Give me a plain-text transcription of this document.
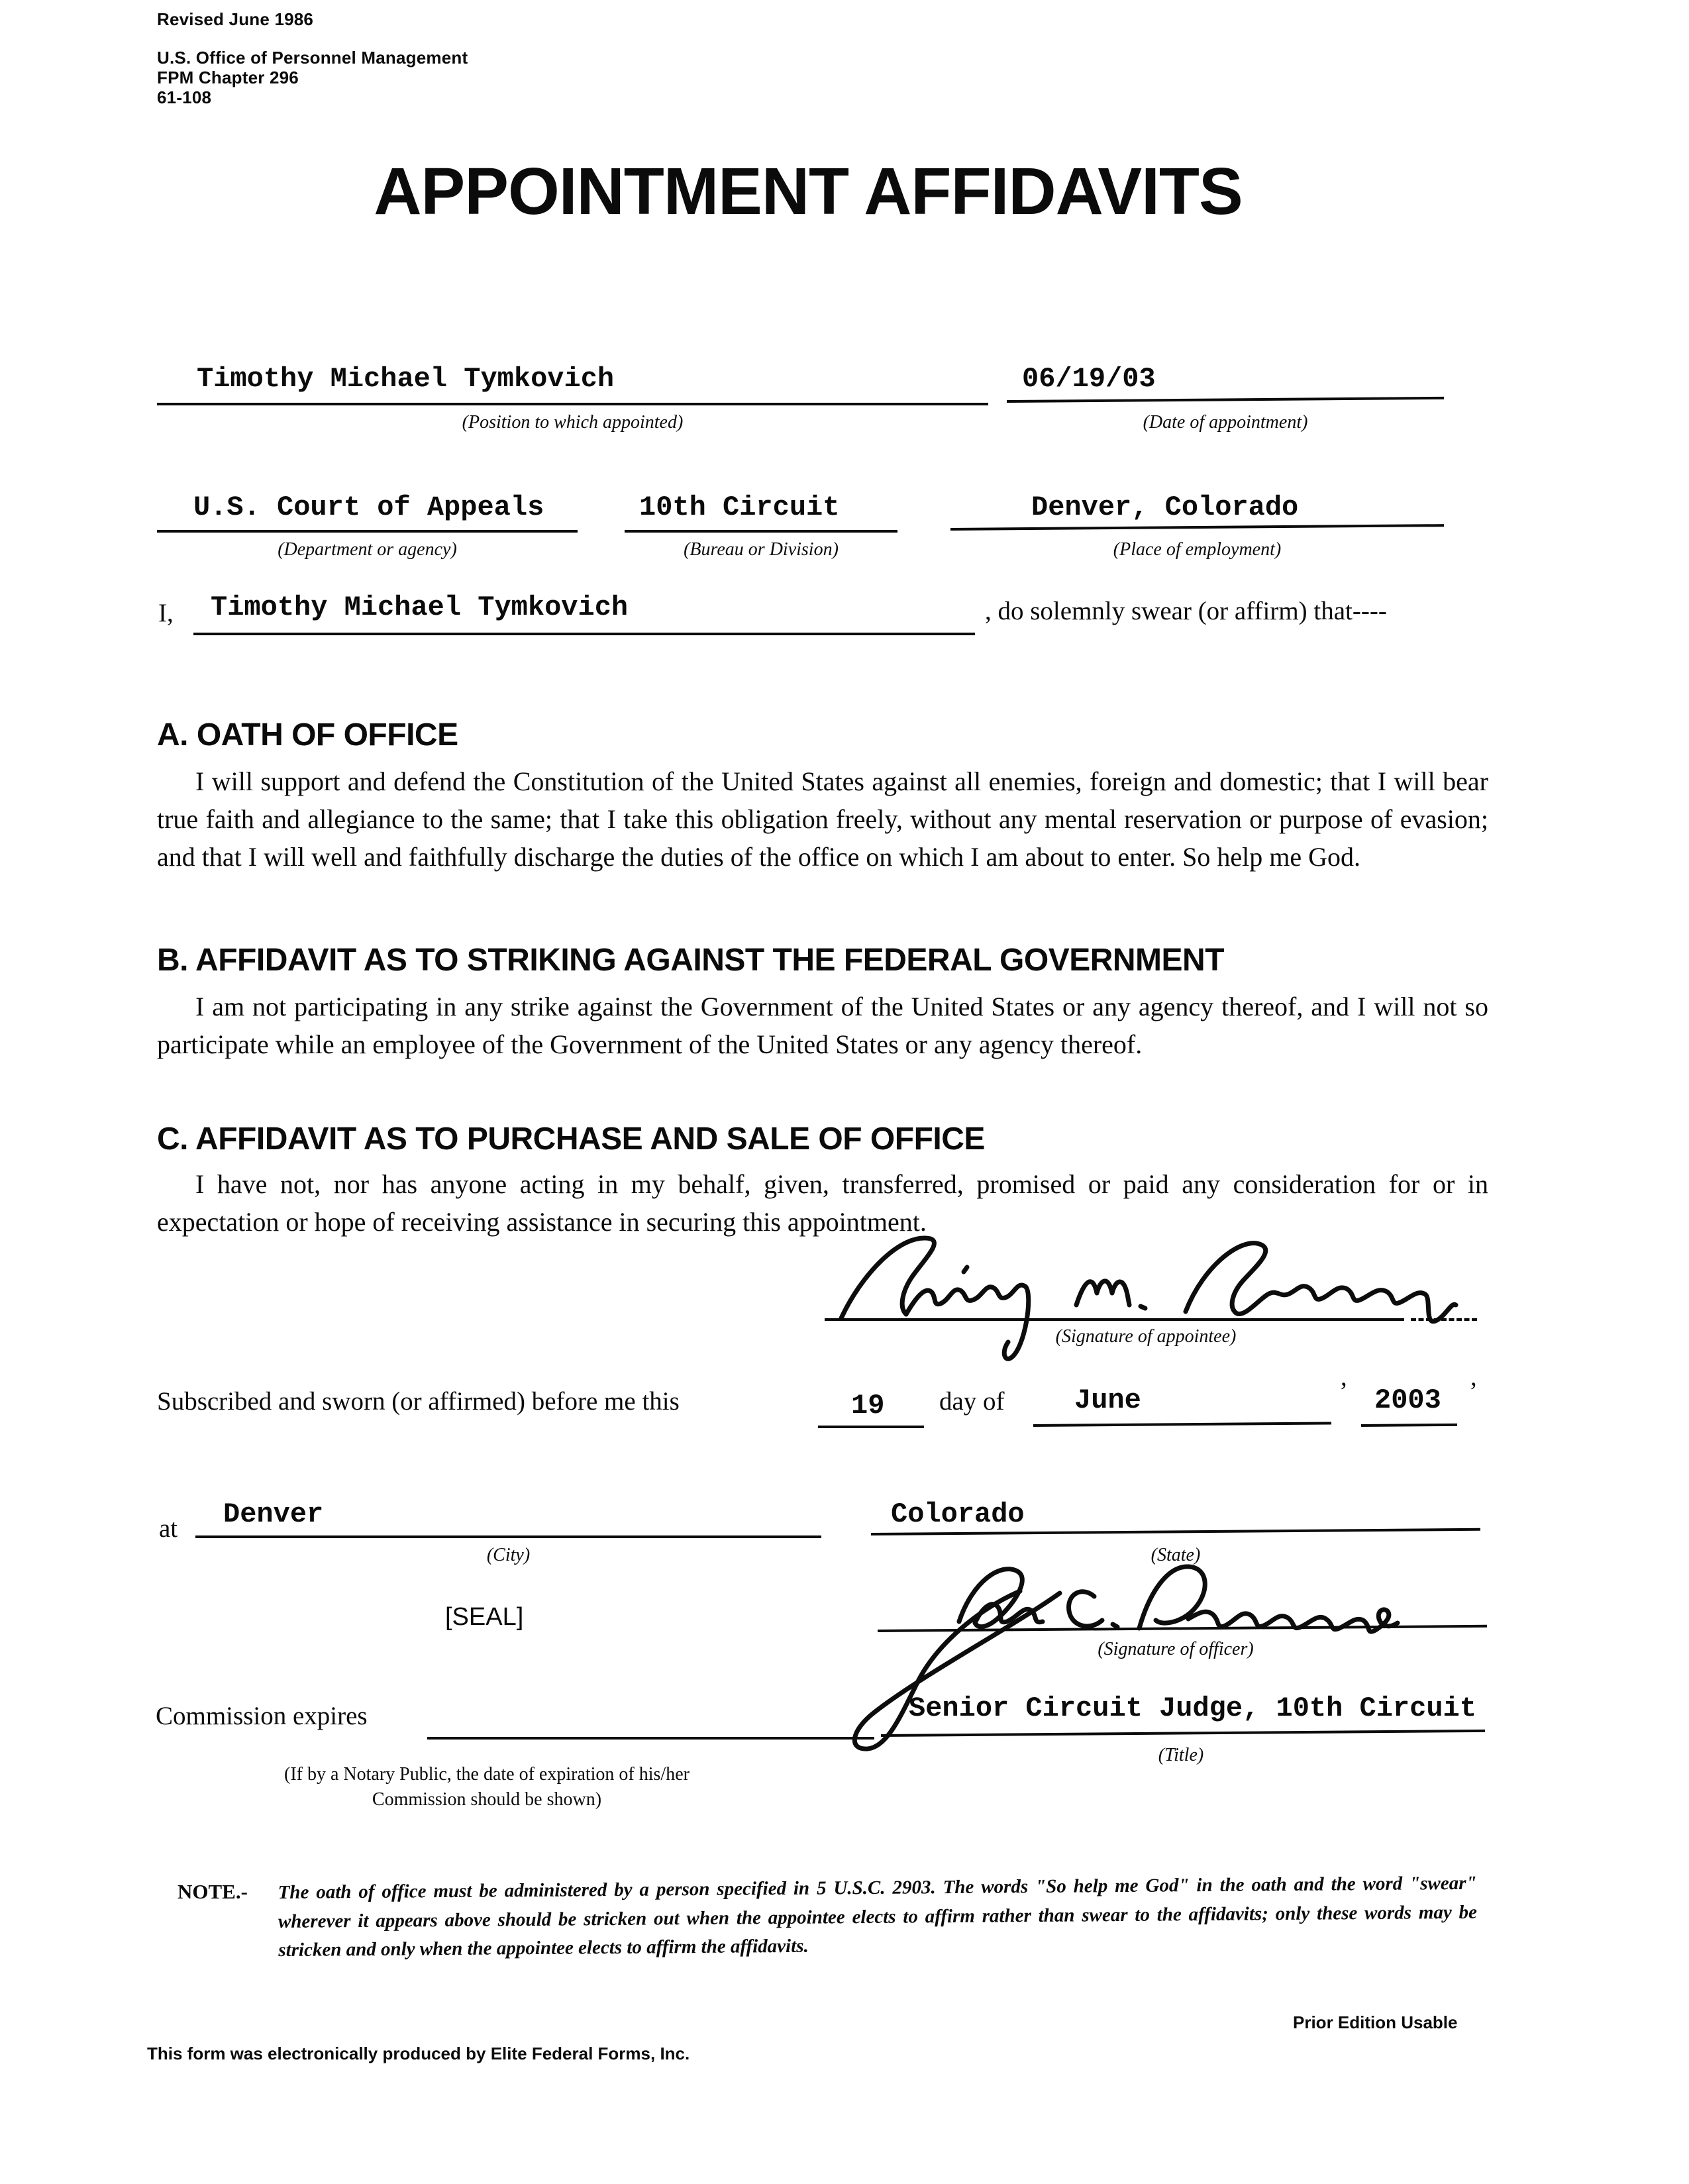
Revised June 1986
U.S. Office of Personnel Management
FPM Chapter 296
61-108
APPOINTMENT AFFIDAVITS
Timothy Michael Tymkovich
(Position to which appointed)
06/19/03
(Date of appointment)
U.S. Court of Appeals
(Department or agency)
10th Circuit
(Bureau or Division)
Denver, Colorado
(Place of employment)
I, Timothy Michael Tymkovich	, do solemnly swear (or affirm) that----
A. OATH OF OFFICE
I will support and defend the Constitution of the United States against all enemies, foreign and domestic; that I will bear true faith and allegiance to the same; that I take this obligation freely, without any mental reservation or purpose of evasion; and that I will well and faithfully discharge the duties of the office on which I am about to enter. So help me God.
B. AFFIDAVIT AS TO STRIKING AGAINST THE FEDERAL GOVERNMENT
I am not participating in any strike against the Government of the United States or any agency thereof, and I will not so participate while an employee of the Government of the United States or any agency thereof.
C. AFFIDAVIT AS TO PURCHASE AND SALE OF OFFICE
I have not, nor has anyone acting in my behalf, given, transferred, promised or paid any consideration for or in expectation or hope of receiving assistance in securing this appointment.
(Signature of appointee)
Subscribed and sworn (or affirmed) before me this	19 day of	June	’ 2003 ’
at Denver
(City)
Colorado
(State)
[SEAL]
(Signature of officer)
Senior Circuit Judge, 10th Circuit
Commission expires
(Title)
(If by a Notary Public, the date of expiration of his/her
Commission should be shown)
NOTE.- The oath of office must be administered by a person specified in 5 U.S.C. 2903. The words "So help me God" in the oath and the word "swear" wherever it appears above should be stricken out when the appointee elects to affirm rather than swear to the affidavits; only these words may be stricken and only when the appointee elects to affirm the affidavits.
Prior Edition Usable
This form was electronically produced by Elite Federal Forms, Inc.
